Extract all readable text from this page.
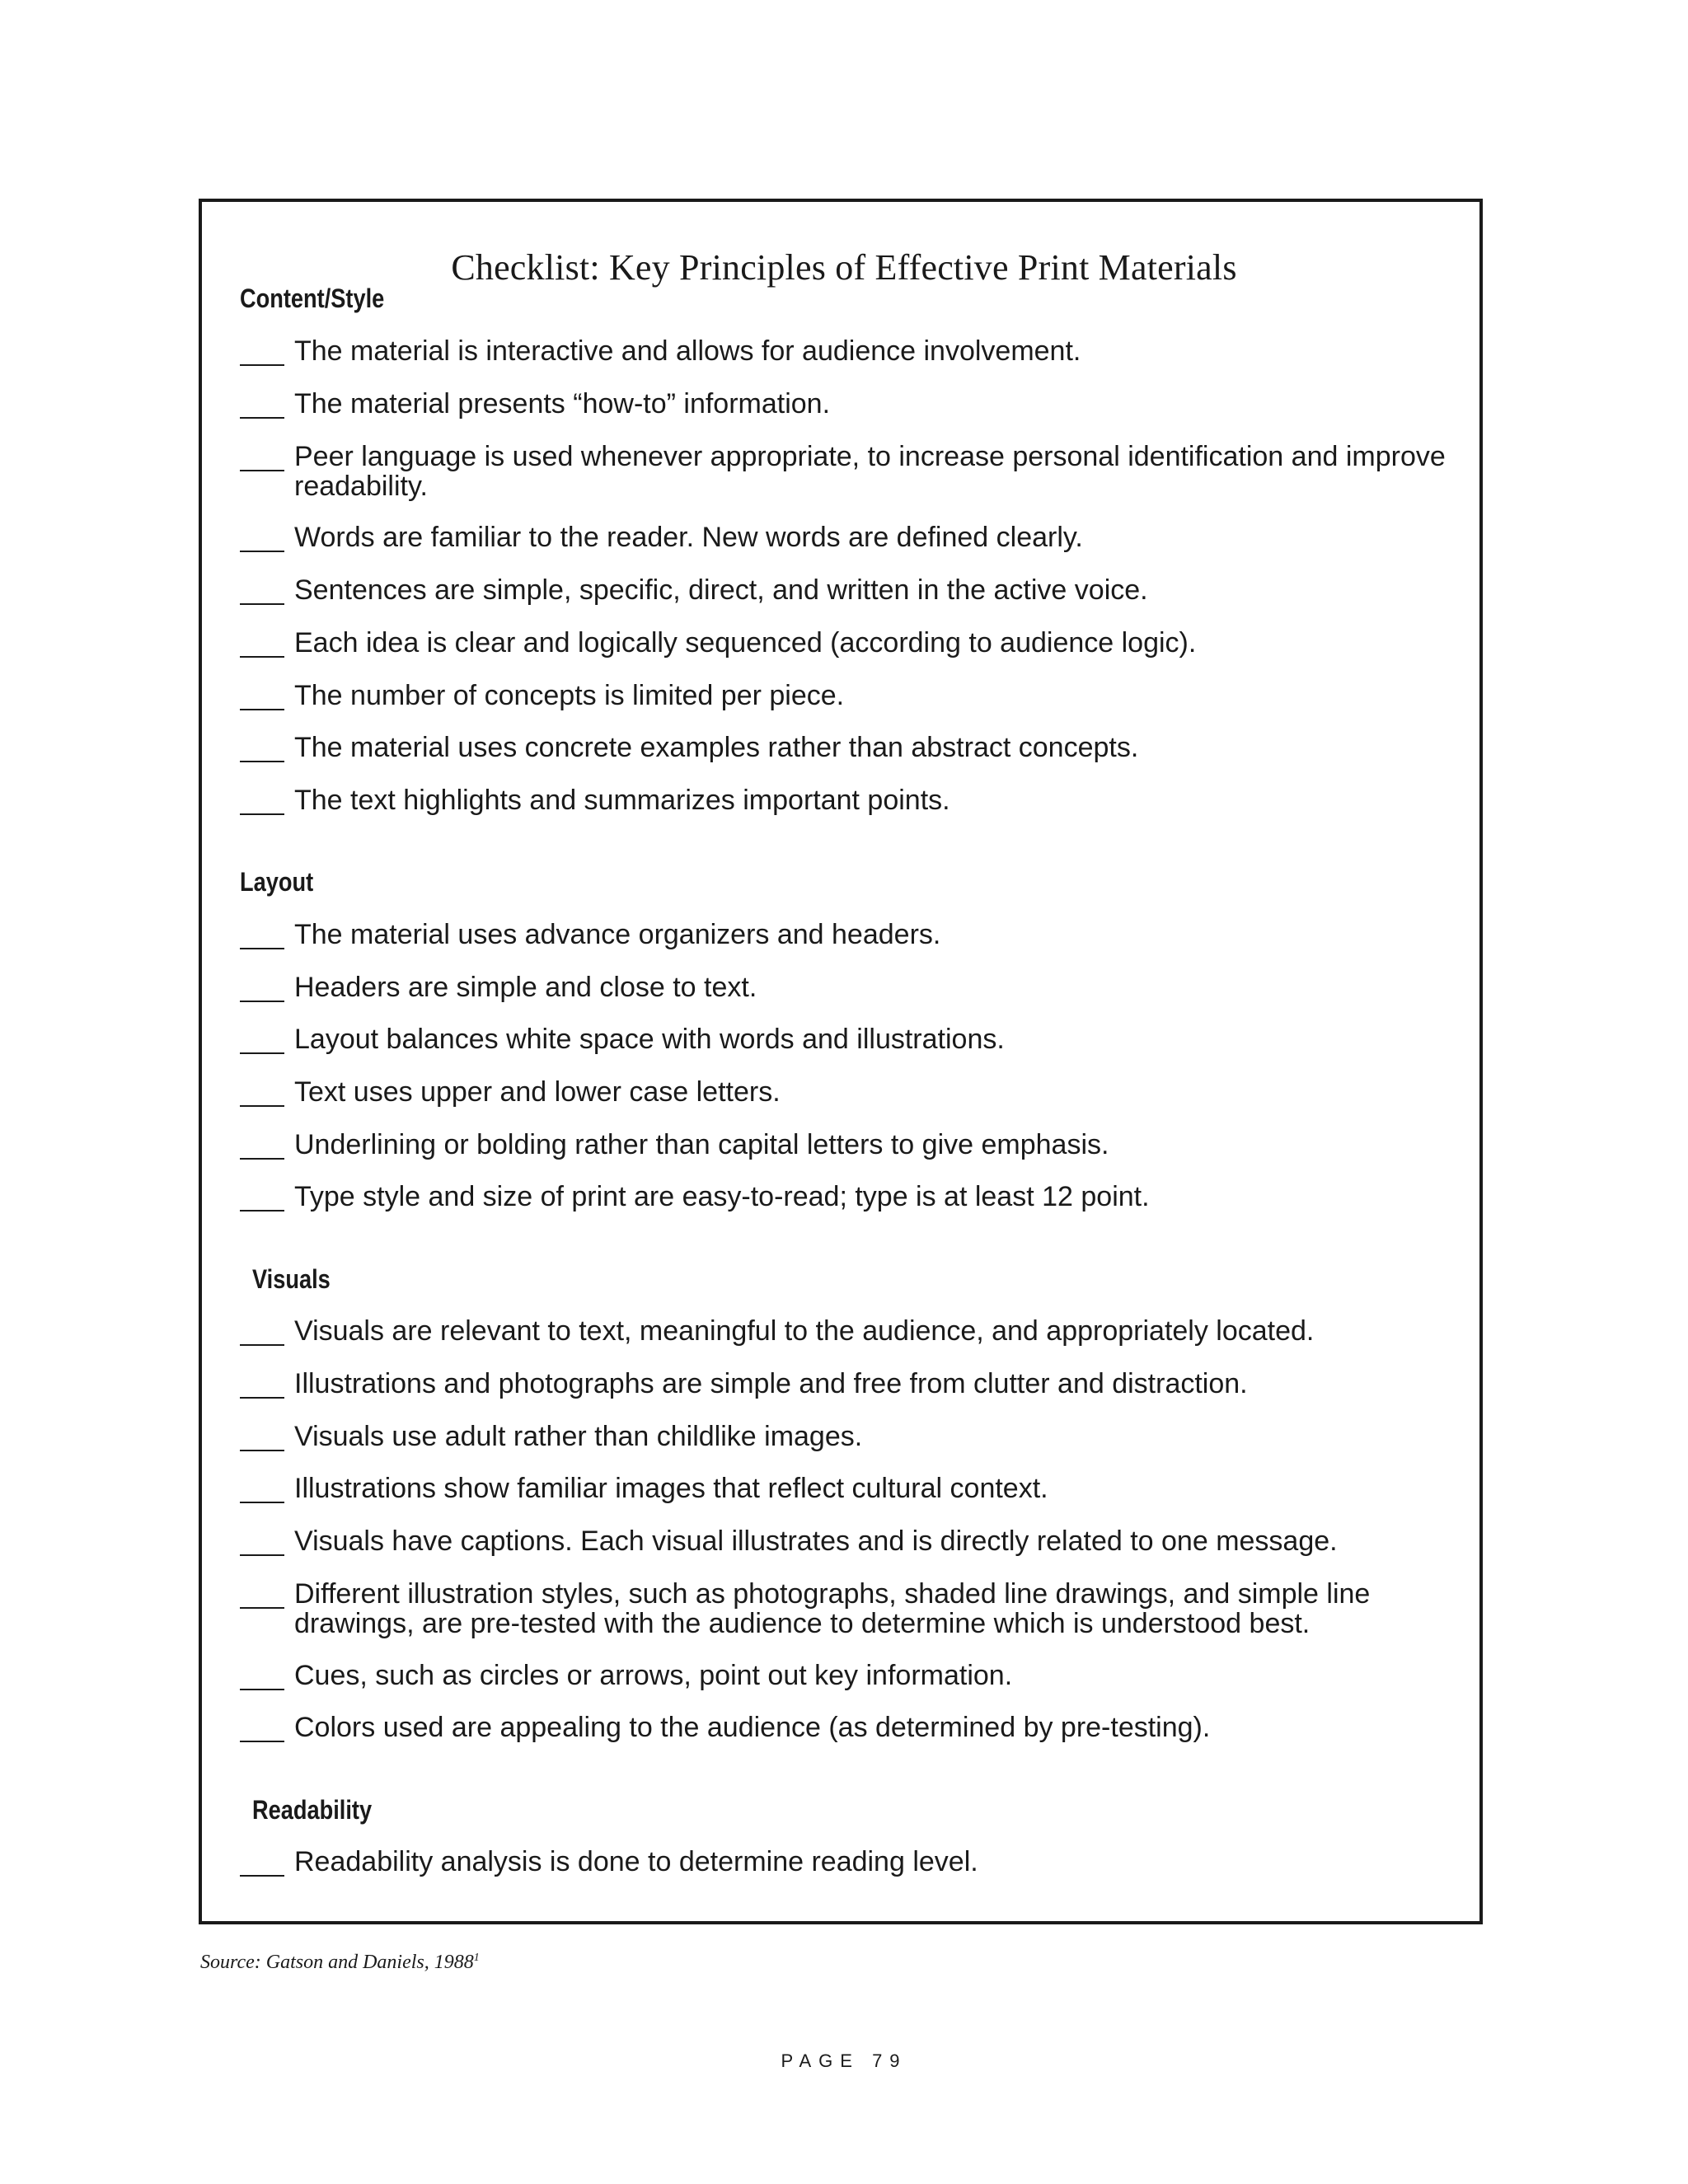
Checklist: Key Principles of Effective Print Materials
Content/Style
The material is interactive and allows for audience involvement.
The material presents “how-to” information.
Peer language is used whenever appropriate, to increase personal identification and improve readability.
Words are familiar to the reader. New words are defined clearly.
Sentences are simple, specific, direct, and written in the active voice.
Each idea is clear and logically sequenced (according to audience logic).
The number of concepts is limited per piece.
The material uses concrete examples rather than abstract concepts.
The text highlights and summarizes important points.
Layout
The material uses advance organizers and headers.
Headers are simple and close to text.
Layout balances white space with words and illustrations.
Text uses upper and lower case letters.
Underlining or bolding rather than capital letters to give emphasis.
Type style and size of print are easy-to-read; type is at least 12 point.
Visuals
Visuals are relevant to text, meaningful to the audience, and appropriately located.
Illustrations and photographs are simple and free from clutter and distraction.
Visuals use adult rather than childlike images.
Illustrations show familiar images that reflect cultural context.
Visuals have captions. Each visual illustrates and is directly related to one message.
Different illustration styles, such as photographs, shaded line drawings, and simple line drawings, are pre-tested with the audience to determine which is understood best.
Cues, such as circles or arrows, point out key information.
Colors used are appealing to the audience (as determined by pre-testing).
Readability
Readability analysis is done to determine reading level.
Source: Gatson and Daniels, 1988$^1$
PAGE 79
